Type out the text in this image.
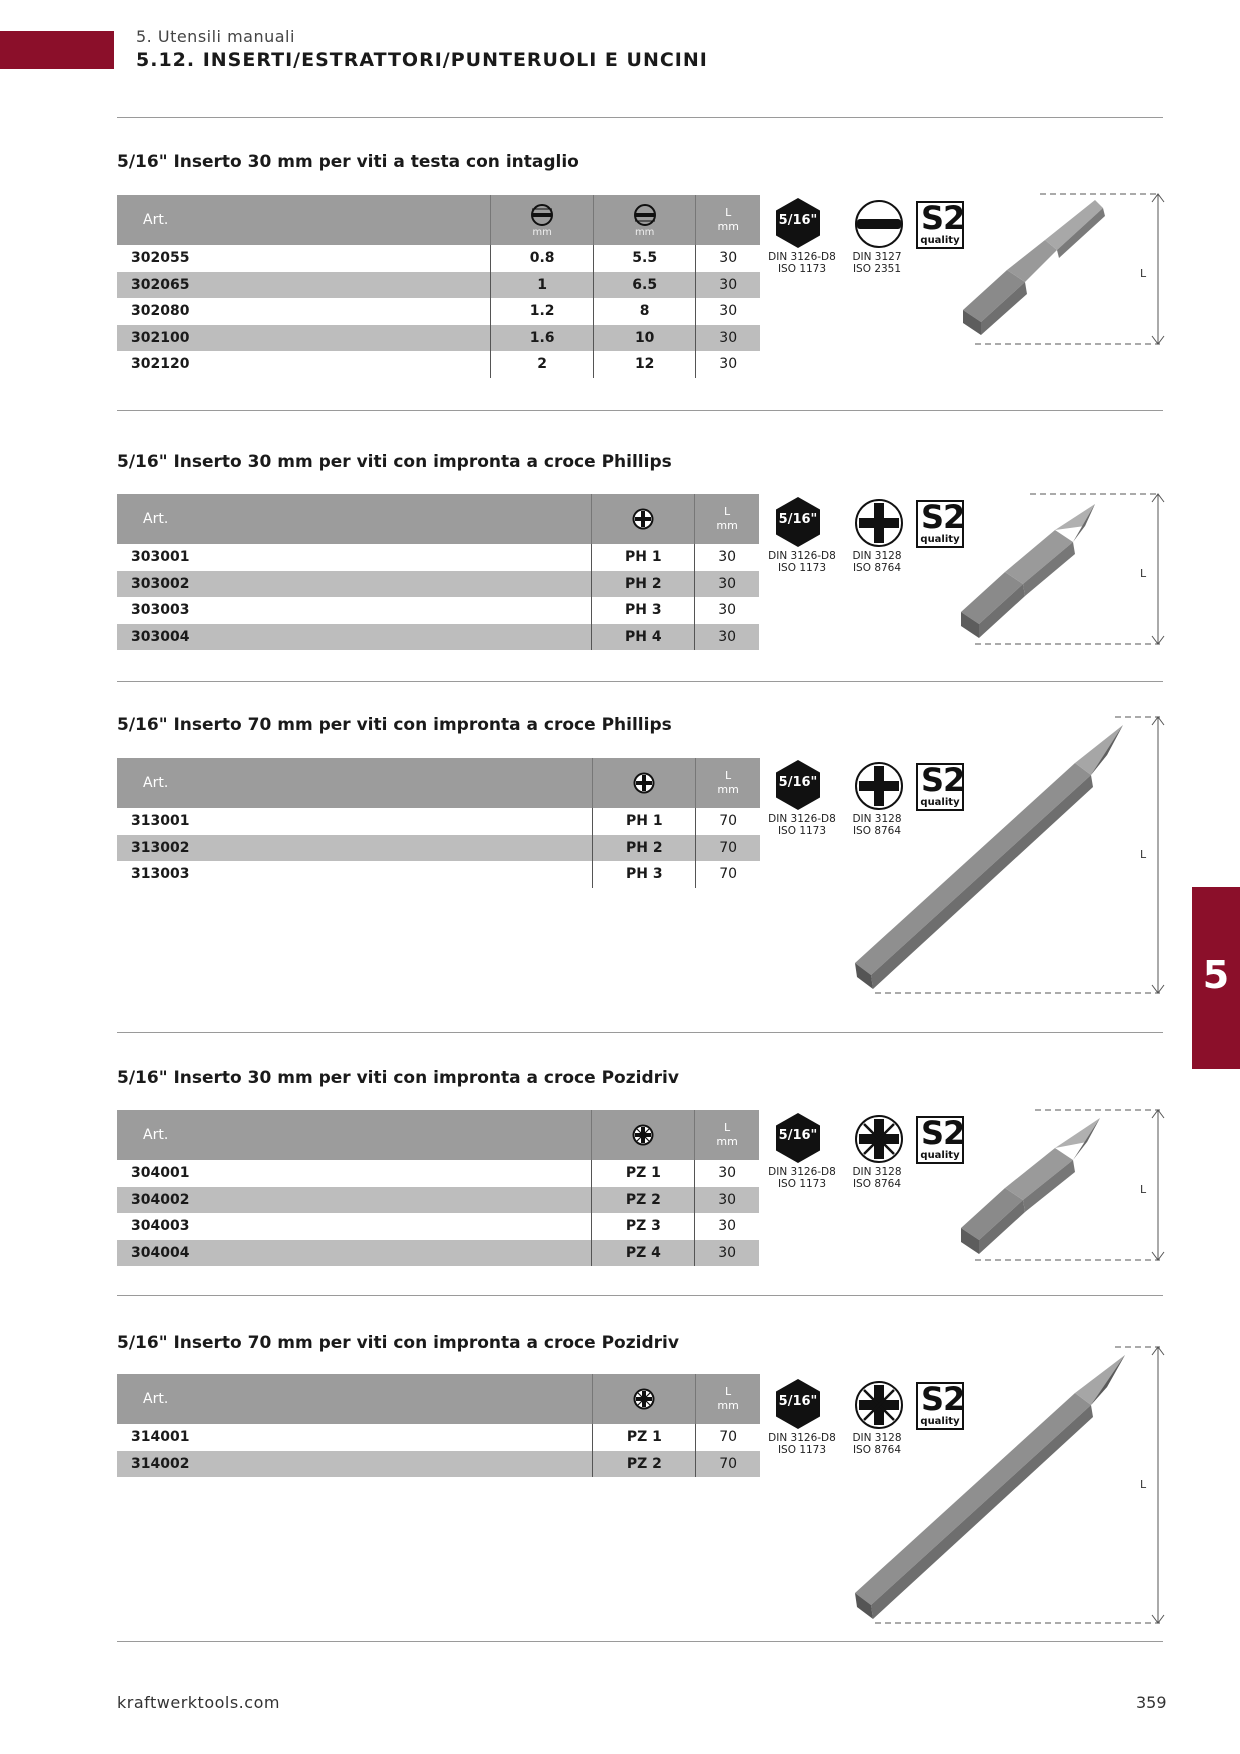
5. Utensili manuali
5.12. INSERTI/ESTRATTORI/PUNTERUOLI E UNCINI
5/16" Inserto 30 mm per viti a testa con intaglio
Art.	mm	mm	L
mm

302055	0.8	5.5	30
302065	1	6.5	30
302080	1.2	8	30
302100	1.6	10	30
302120	2	12	30
5/16"	S2
quality
DIN 3126-D8
ISO 1173
DIN 3127
ISO 2351	L
5/16" Inserto 30 mm per viti con impronta a croce Phillips
Art.		L
mm

303001	PH 1	30
303002	PH 2	30
303003	PH 3	30
303004	PH 4	30
5/16"	S2
quality
DIN 3126-D8
ISO 1173
DIN 3128
ISO 8764	L
5/16" Inserto 70 mm per viti con impronta a croce Phillips
Art.		L
mm

313001	PH 1	70
313002	PH 2	70
313003	PH 3	70
5/16"	S2
quality
DIN 3126-D8
ISO 1173
DIN 3128
ISO 8764
L
5/16" Inserto 30 mm per viti con impronta a croce Pozidriv
Art.		L
mm

304001	PZ 1	30
304002	PZ 2	30
304003	PZ 3	30
304004	PZ 4	30
5/16"	S2
quality
DIN 3126-D8
ISO 1173
DIN 3128
ISO 8764	L
5/16" Inserto 70 mm per viti con impronta a croce Pozidriv
Art.		L
mm

314001	PZ 1	70
314002	PZ 2	70
5/16"	S2
quality
DIN 3126-D8
ISO 1173
DIN 3128
ISO 8764
L
5
kraftwerktools.com	359
